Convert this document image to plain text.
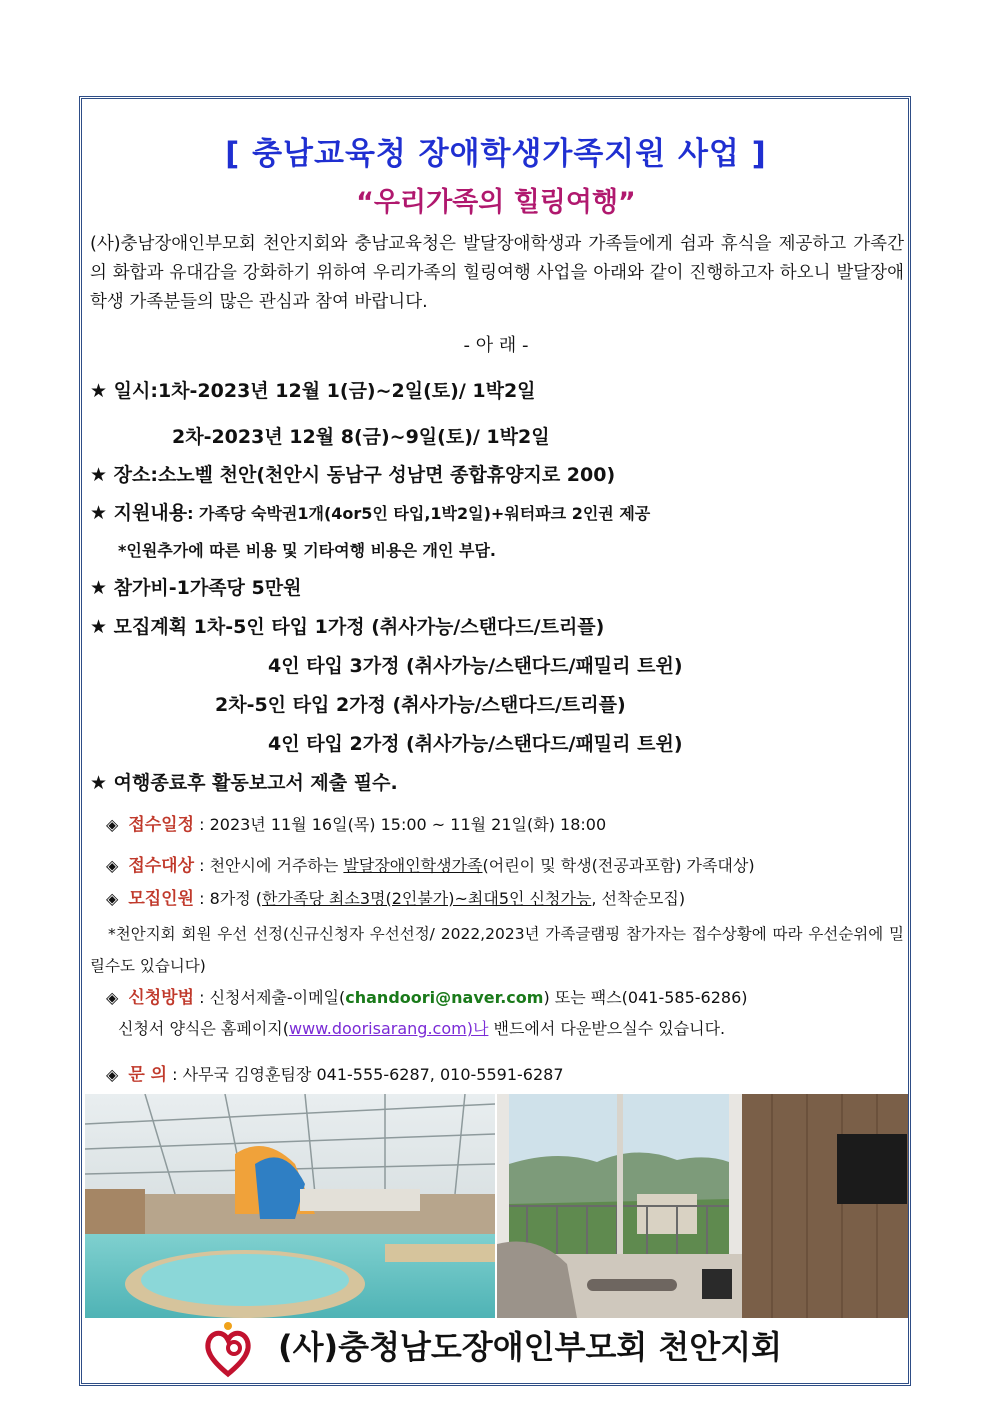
[ 충남교육청 장애학생가족지원 사업 ]
“우리가족의 힐링여행”
(사)충남장애인부모회 천안지회와 충남교육청은 발달장애학생과 가족들에게 쉼과 휴식을 제공하고 가족간의 화합과 유대감을 강화하기 위하여 우리가족의 힐링여행 사업을 아래와 같이 진행하고자 하오니 발달장애학생 가족분들의 많은 관심과 참여 바랍니다.
- 아 래 -
★ 일시:1차-2023년 12월 1(금)~2일(토)/ 1박2일
2차-2023년 12월 8(금)~9일(토)/ 1박2일
★ 장소:소노벨 천안(천안시 동남구 성남면 종합휴양지로 200)
★ 지원내용: 가족당 숙박권1개(4or5인 타입,1박2일)+워터파크 2인권 제공
*인원추가에 따른 비용 및 기타여행 비용은 개인 부담.
★ 참가비-1가족당 5만원
★ 모집계획 1차-5인 타입 1가정 (취사가능/스탠다드/트리플)
4인 타입 3가정 (취사가능/스탠다드/패밀리 트윈)
2차-5인 타입 2가정 (취사가능/스탠다드/트리플)
4인 타입 2가정 (취사가능/스탠다드/패밀리 트윈)
★ 여행종료후 활동보고서 제출 필수.
◈ 접수일정 : 2023년 11월 16일(목) 15:00 ~ 11월 21일(화) 18:00
◈ 접수대상 : 천안시에 거주하는 발달장애인학생가족(어린이 및 학생(전공과포함) 가족대상)
◈ 모집인원 : 8가정 (한가족당 최소3명(2인불가)~최대5인 신청가능, 선착순모집)
*천안지회 회원 우선 선정(신규신청자 우선선정/ 2022,2023년 가족글램핑 참가자는 접수상황에 따라 우선순위에 밀릴수도 있습니다)
◈ 신청방법 : 신청서제출-이메일(chandoori@naver.com) 또는 팩스(041-585-6286)
신청서 양식은 홈페이지(www.doorisarang.com)나 밴드에서 다운받으실수 있습니다.
◈ 문 의 : 사무국 김영훈팀장 041-555-6287, 010-5591-6287
(사)충청남도장애인부모회 천안지회
